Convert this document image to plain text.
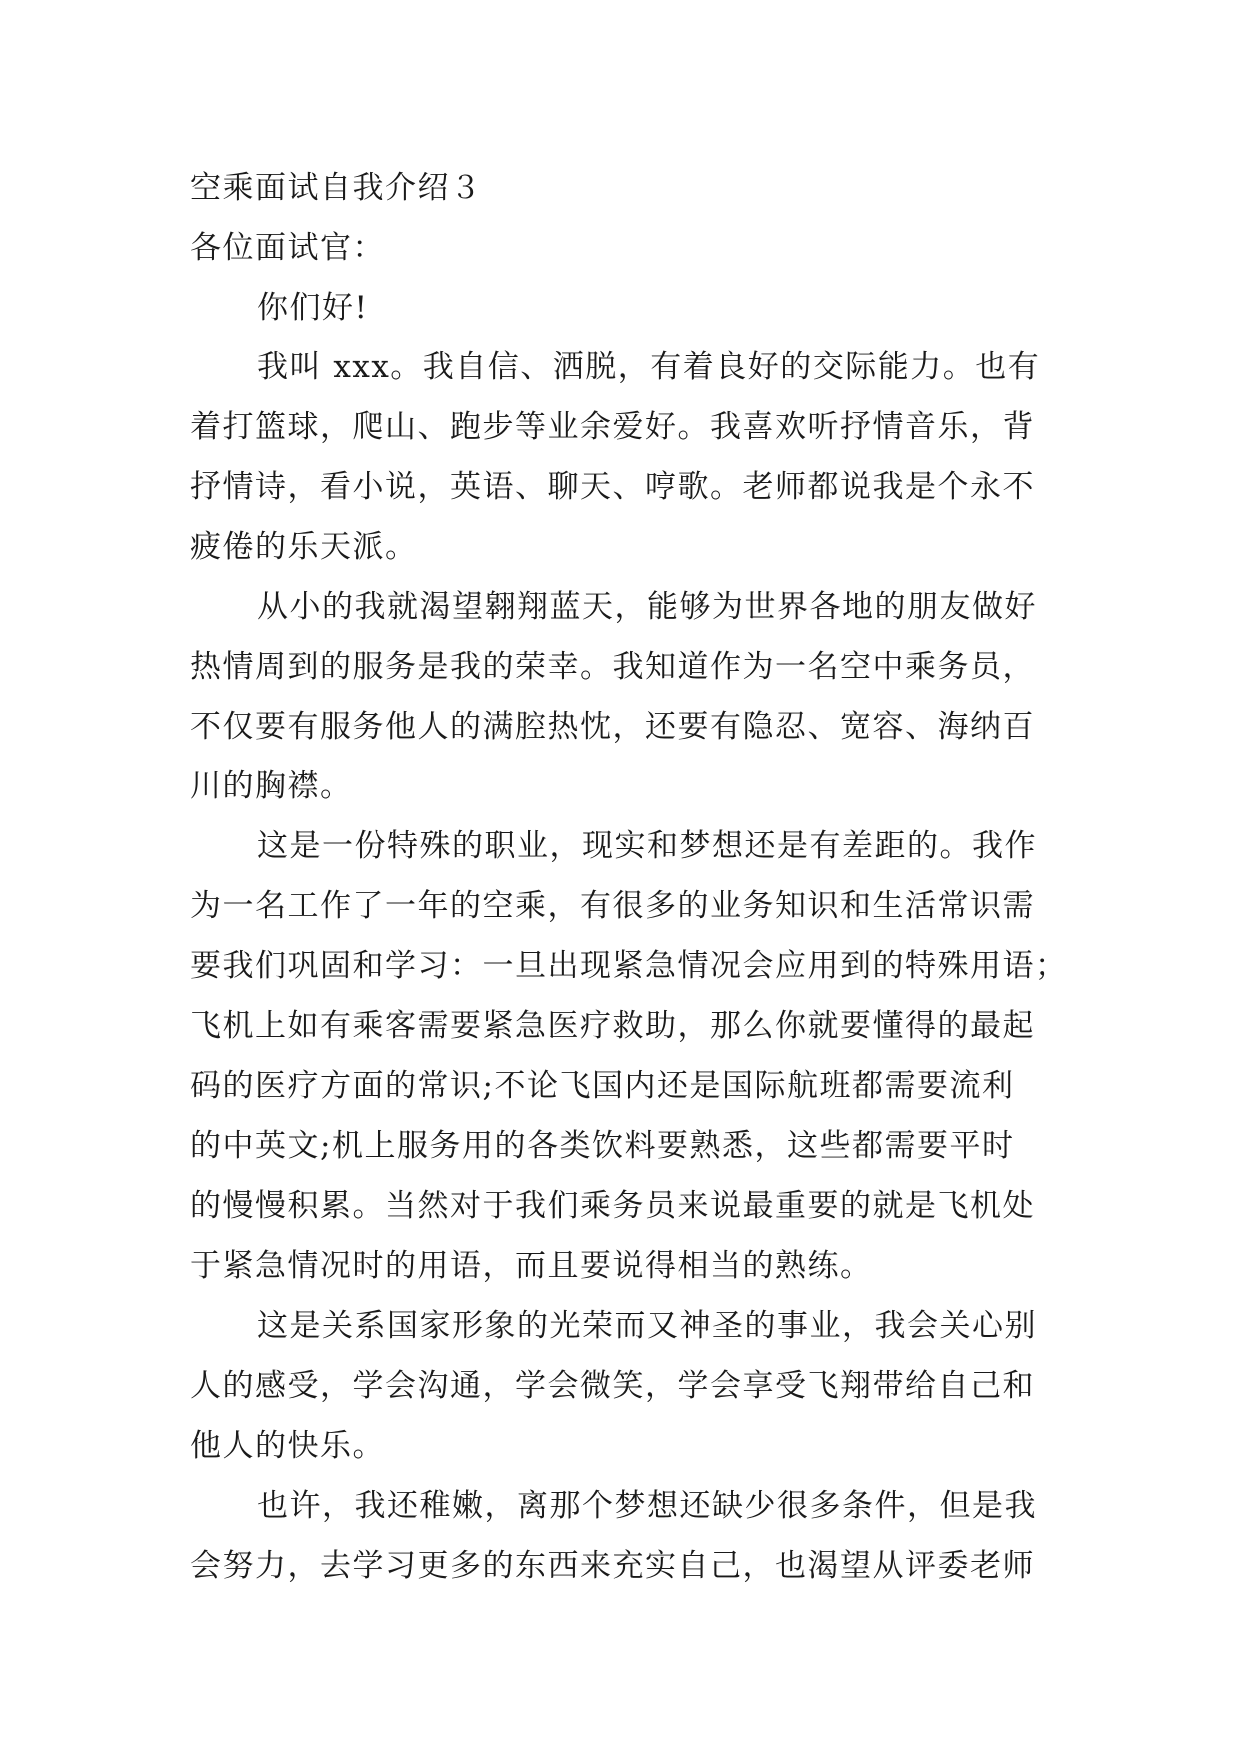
空乘面试自我介绍３
各位面试官：
你们好!
我叫 xxx。我自信、洒脱，有着良好的交际能力。也有
着打篮球，爬山、跑步等业余爱好。我喜欢听抒情音乐，背
抒情诗，看小说，英语、聊天、哼歌。老师都说我是个永不
疲倦的乐天派。
从小的我就渴望翱翔蓝天，能够为世界各地的朋友做好
热情周到的服务是我的荣幸。我知道作为一名空中乘务员，
不仅要有服务他人的满腔热忱，还要有隐忍、宽容、海纳百
川的胸襟。
这是一份特殊的职业，现实和梦想还是有差距的。我作
为一名工作了一年的空乘，有很多的业务知识和生活常识需
要我们巩固和学习：一旦出现紧急情况会应用到的特殊用语；
飞机上如有乘客需要紧急医疗救助，那么你就要懂得的最起
码的医疗方面的常识;不论飞国内还是国际航班都需要流利
的中英文;机上服务用的各类饮料要熟悉，这些都需要平时
的慢慢积累。当然对于我们乘务员来说最重要的就是飞机处
于紧急情况时的用语，而且要说得相当的熟练。
这是关系国家形象的光荣而又神圣的事业，我会关心别
人的感受，学会沟通，学会微笑，学会享受飞翔带给自己和
他人的快乐。
也许，我还稚嫩，离那个梦想还缺少很多条件，但是我
会努力，去学习更多的东西来充实自己，也渴望从评委老师
